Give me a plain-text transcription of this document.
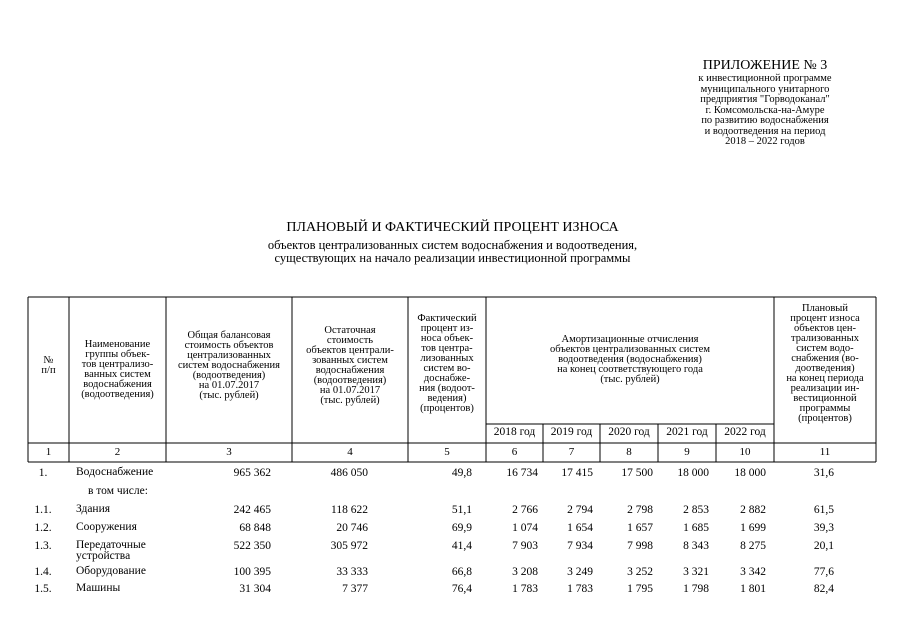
ПРИЛОЖЕНИЕ № 3
к инвестиционной программе
муниципального унитарного
предприятия "Горводоканал"
г. Комсомольска-на-Амуре
по развитию водоснабжения
и водоотведения на период
2018 – 2022 годов
ПЛАНОВЫЙ И ФАКТИЧЕСКИЙ ПРОЦЕНТ ИЗНОСА
объектов централизованных систем водоснабжения и водоотведения,
существующих на начало реализации инвестиционной программы
№
п/п
Наименование
группы объек-
тов централизо-
ванных систем
водоснабжения
(водоотведения)
Общая балансовая
стоимость объектов
централизованных
систем водоснабжения
(водоотведения)
на 01.07.2017
(тыс. рублей)
Остаточная
стоимость
объектов централи-
зованных систем
водоснабжения
(водоотведения)
на 01.07.2017
(тыс. рублей)
Фактический
процент из-
носа объек-
тов центра-
лизованных
систем во-
доснабже-
ния (водоот-
ведения)
(процентов)
Амортизационные отчисления
объектов централизованных систем
водоотведения (водоснабжения)
на конец соответствующего года
(тыс. рублей)
Плановый
процент износа
объектов цен-
трализованных
систем водо-
снабжения (во-
доотведения)
на конец периода
реализации ин-
вестиционной
программы
(процентов)
2018 год	2019 год	2020 год	2021 год	2022 год
1	2	3	4	5	6	7	8	9	10	11
1.	Водоснабжение	965 362	486 050	49,8	16 734	17 415	17 500	18 000	18 000	31,6
в том числе:
1.1.	Здания	242 465	118 622	51,1	2 766	2 794	2 798	2 853	2 882	61,5
1.2.	Сооружения	68 848	20 746	69,9	1 074	1 654	1 657	1 685	1 699	39,3
1.3.	Передаточные
устройства
522 350	305 972	41,4	7 903	7 934	7 998	8 343	8 275	20,1
1.4.	Оборудование	100 395	33 333	66,8	3 208	3 249	3 252	3 321	3 342	77,6
1.5.	Машины	31 304	7 377	76,4	1 783	1 783	1 795	1 798	1 801	82,4
